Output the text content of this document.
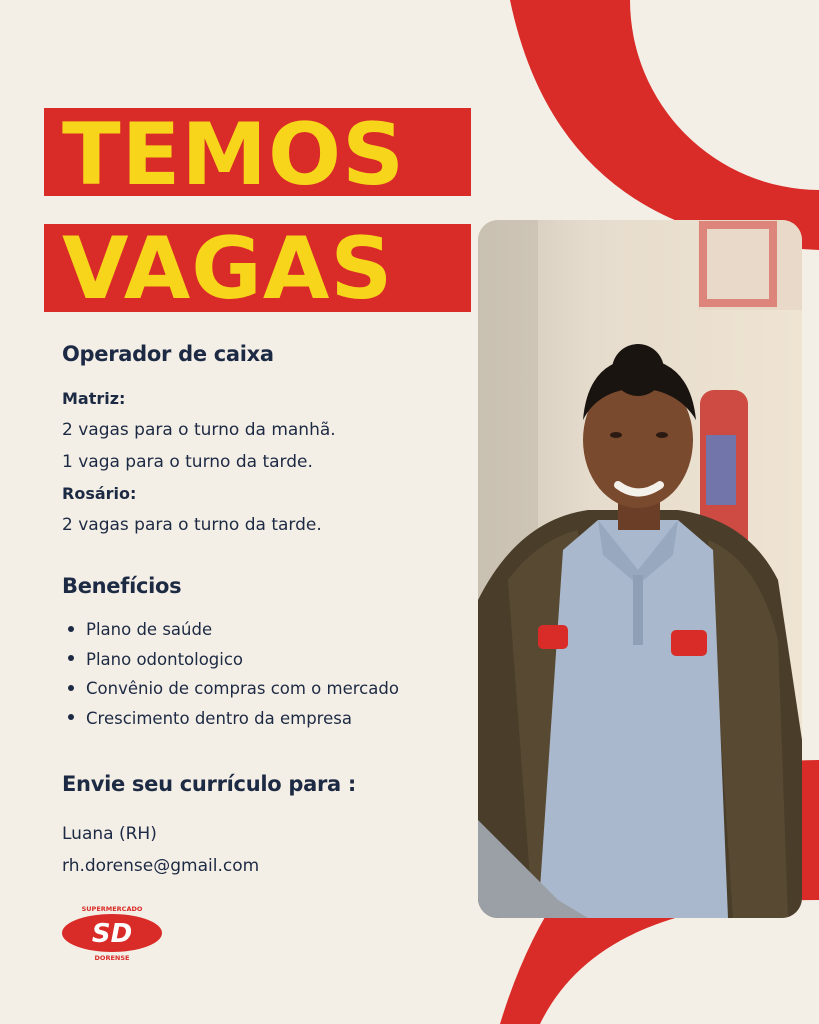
TEMOS
VAGAS
Operador de caixa
Matriz:
2 vagas para o turno da manhã.
1 vaga para o turno da tarde.
Rosário:
2 vagas para o turno da tarde.
Benefícios
Plano de saúde
Plano odontologico
Convênio de compras com o mercado
Crescimento dentro da empresa
Envie seu currículo para :
Luana (RH)
rh.dorense@gmail.com
SUPERMERCADO
SD
DORENSE
